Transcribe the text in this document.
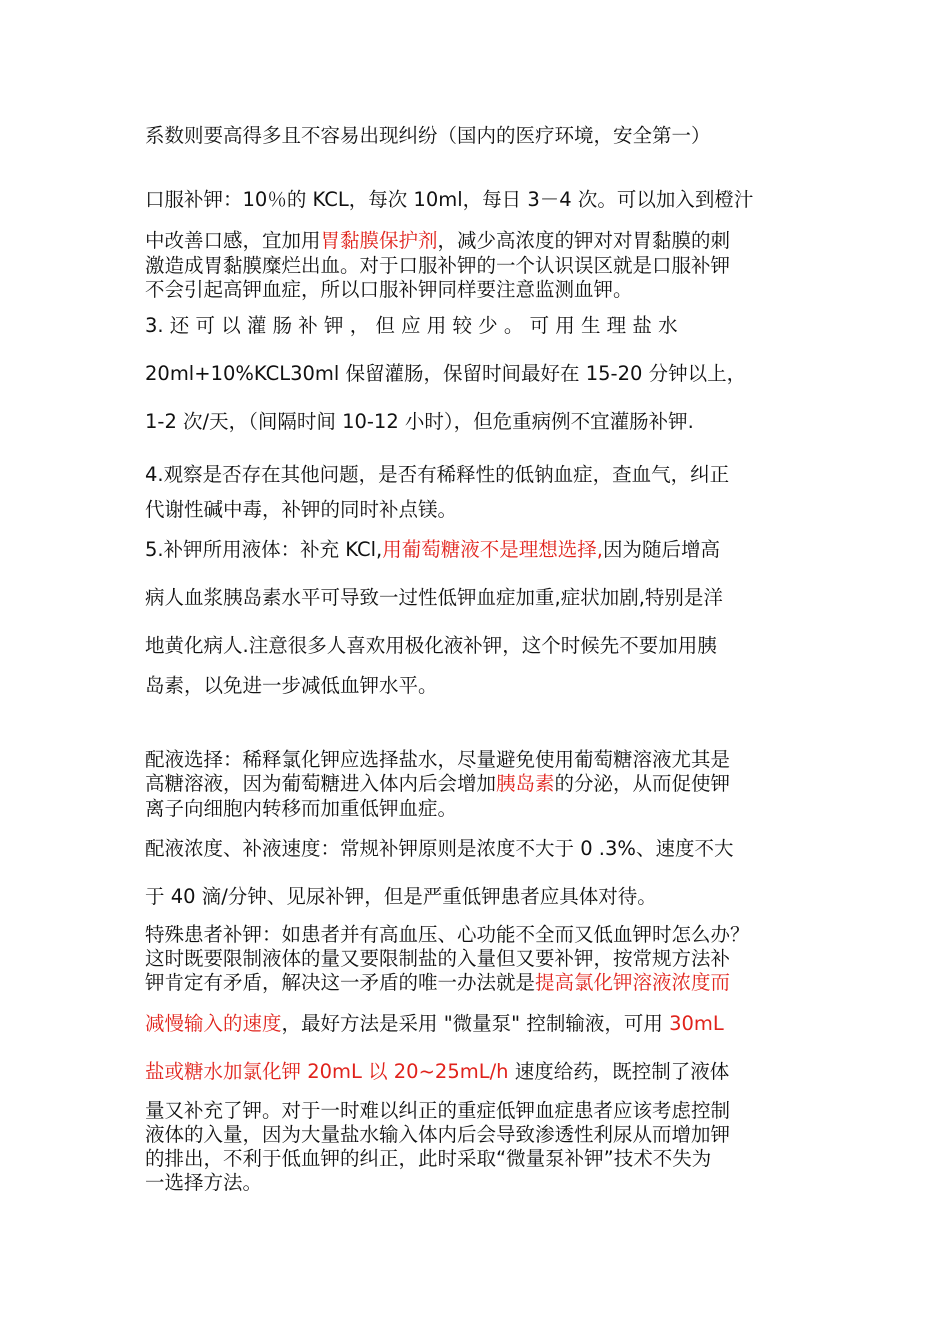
系数则要高得多且不容易出现纠纷（国内的医疗环境，安全第一）

口服补钾：10％的 KCL，每次 10ml，每日 3－4 次。可以加入到橙汁

中改善口感，宜加用胃黏膜保护剂，减少高浓度的钾对对胃黏膜的刺

激造成胃黏膜糜烂出血。对于口服补钾的一个认识误区就是口服补钾

不会引起高钾血症，所以口服补钾同样要注意监测血钾。

3. 还 可 以 灌 肠 补 钾 ， 但 应 用 较 少 。 可 用 生 理 盐 水

20ml+10%KCL30ml 保留灌肠，保留时间最好在 15-20 分钟以上，

1-2 次/天，（间隔时间 10-12 小时），但危重病例不宜灌肠补钾.

4.观察是否存在其他问题，是否有稀释性的低钠血症，查血气，纠正

代谢性碱中毒，补钾的同时补点镁。

5.补钾所用液体：补充 KCl,用葡萄糖液不是理想选择,因为随后增高

病人血浆胰岛素水平可导致一过性低钾血症加重,症状加剧,特别是洋

地黄化病人.注意很多人喜欢用极化液补钾，这个时候先不要加用胰

岛素，以免进一步减低血钾水平。

配液选择：稀释氯化钾应选择盐水，尽量避免使用葡萄糖溶液尤其是

高糖溶液，因为葡萄糖进入体内后会增加胰岛素的分泌，从而促使钾

离子向细胞内转移而加重低钾血症。

配液浓度、补液速度：常规补钾原则是浓度不大于 0 .3%、速度不大

于 40 滴/分钟、见尿补钾，但是严重低钾患者应具体对待。

特殊患者补钾：如患者并有高血压、心功能不全而又低血钾时怎么办？

这时既要限制液体的量又要限制盐的入量但又要补钾，按常规方法补

钾肯定有矛盾，解决这一矛盾的唯一办法就是提高氯化钾溶液浓度而

减慢输入的速度，最好方法是采用 "微量泵" 控制输液，可用 30mL

盐或糖水加氯化钾 20mL 以 20~25mL/h 速度给药，既控制了液体

量又补充了钾。对于一时难以纠正的重症低钾血症患者应该考虑控制

液体的入量，因为大量盐水输入体内后会导致渗透性利尿从而增加钾

的排出，不利于低血钾的纠正，此时采取“微量泵补钾”技术不失为

一选择方法。
